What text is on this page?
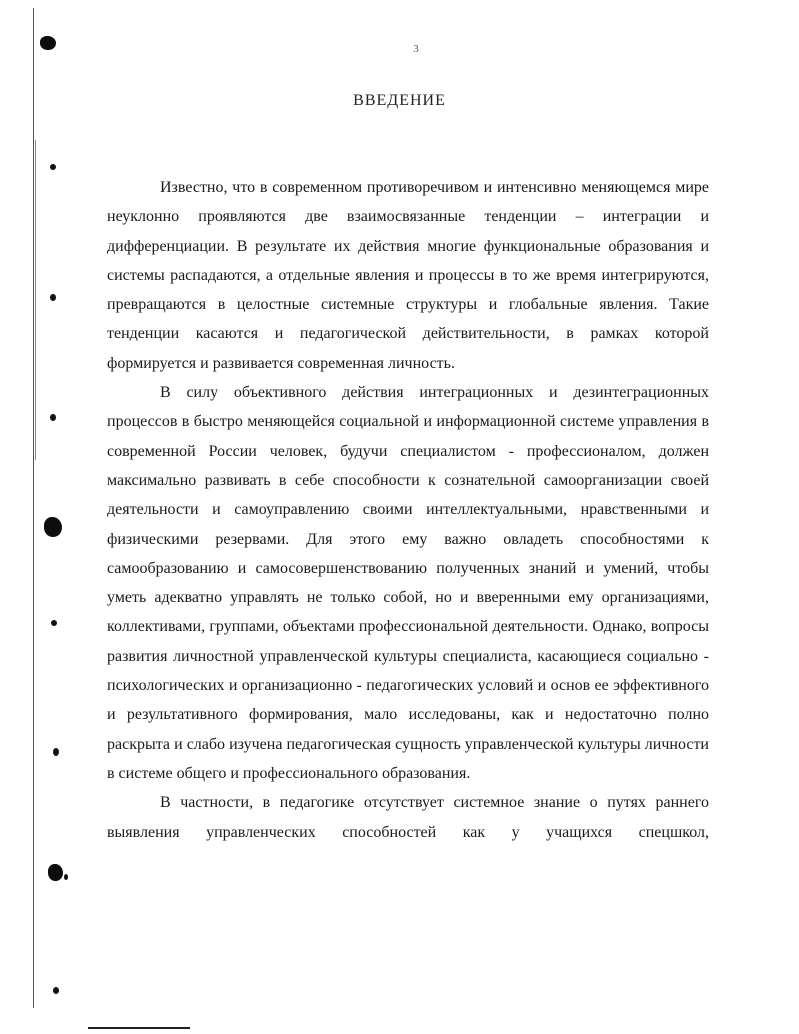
3
ВВЕДЕНИЕ

Известно, что в современном противоречивом и интенсивно меняющемся мире неуклонно проявляются две взаимосвязанные тенденции – интеграции и дифференциации. В результате их действия многие функциональные образования и системы распадаются, а отдельные явления и процессы в то же время интегрируются, превращаются в целостные системные структуры и глобальные явления. Такие тенденции касаются и педагогической действительности, в рамках которой формируется и развивается современная личность.

В силу объективного действия интеграционных и дезинтеграционных процессов в быстро меняющейся социальной и информационной системе управления в современной России человек, будучи специалистом - профессионалом, должен максимально развивать в себе способности к сознательной самоорганизации своей деятельности и самоуправлению своими интеллектуальными, нравственными и физическими резервами. Для этого ему важно овладеть способностями к самообразованию и самосовершенствованию полученных знаний и умений, чтобы уметь адекватно управлять не только собой, но и вверенными ему организациями, коллективами, группами, объектами профессиональной деятельности. Однако, вопросы развития личностной управленческой культуры специалиста, касающиеся социально - психологических и организационно - педагогических условий и основ ее эффективного и результативного формирования, мало исследованы, как и недостаточно полно раскрыта и слабо изучена педагогическая сущность управленческой культуры личности в системе общего и профессионального образования.

В частности, в педагогике отсутствует системное знание о путях раннего выявления управленческих способностей как у учащихся спецшкол,
